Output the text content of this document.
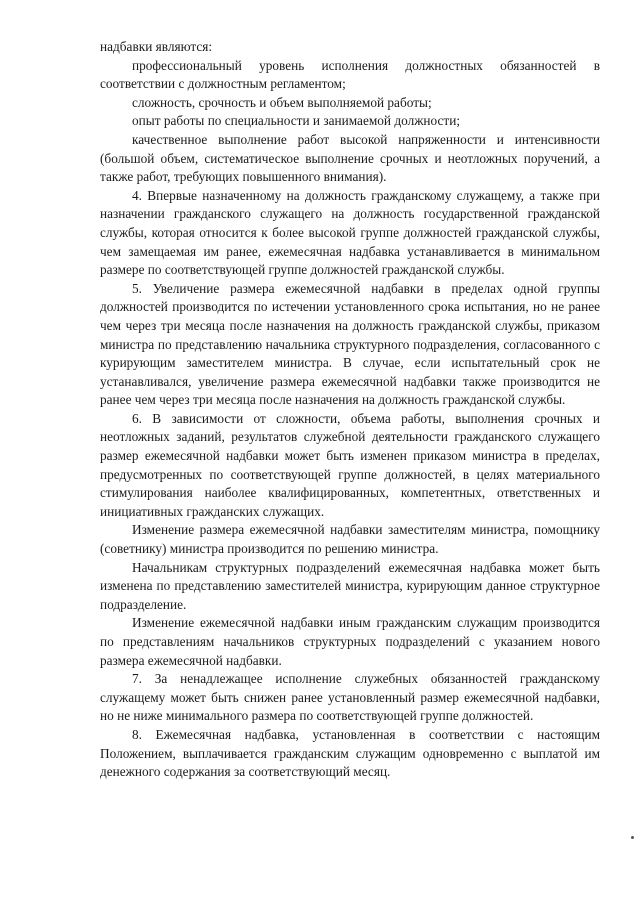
надбавки являются:

профессиональный уровень исполнения должностных обязанностей в соответствии с должностным регламентом;

сложность, срочность и объем выполняемой работы;

опыт работы по специальности и занимаемой должности;

качественное выполнение работ высокой напряженности и интенсивности (большой объем, систематическое выполнение срочных и неотложных поручений, а также работ, требующих повышенного внимания).

4. Впервые назначенному на должность гражданскому служащему, а также при назначении гражданского служащего на должность государственной гражданской службы, которая относится к более высокой группе должностей гражданской службы, чем замещаемая им ранее, ежемесячная надбавка устанавливается в минимальном размере по соответствующей группе должностей гражданской службы.

5. Увеличение размера ежемесячной надбавки в пределах одной группы должностей производится по истечении установленного срока испытания, но не ранее чем через три месяца после назначения на должность гражданской службы, приказом министра по представлению начальника структурного подразделения, согласованного с курирующим заместителем министра. В случае, если испытательный срок не устанавливался, увеличение размера ежемесячной надбавки также производится не ранее чем через три месяца после назначения на должность гражданской службы.

6. В зависимости от сложности, объема работы, выполнения срочных и неотложных заданий, результатов служебной деятельности гражданского служащего размер ежемесячной надбавки может быть изменен приказом министра в пределах, предусмотренных по соответствующей группе должностей, в целях материального стимулирования наиболее квалифицированных, компетентных, ответственных и инициативных гражданских служащих.

Изменение размера ежемесячной надбавки заместителям министра, помощнику (советнику) министра производится по решению министра.

Начальникам структурных подразделений ежемесячная надбавка может быть изменена по представлению заместителей министра, курирующим данное структурное подразделение.

Изменение ежемесячной надбавки иным гражданским служащим производится по представлениям начальников структурных подразделений с указанием нового размера ежемесячной надбавки.

7. За ненадлежащее исполнение служебных обязанностей гражданскому служащему может быть снижен ранее установленный размер ежемесячной надбавки, но не ниже минимального размера по соответствующей группе должностей.

8. Ежемесячная надбавка, установленная в соответствии с настоящим Положением, выплачивается гражданским служащим одновременно с выплатой им денежного содержания за соответствующий месяц.
